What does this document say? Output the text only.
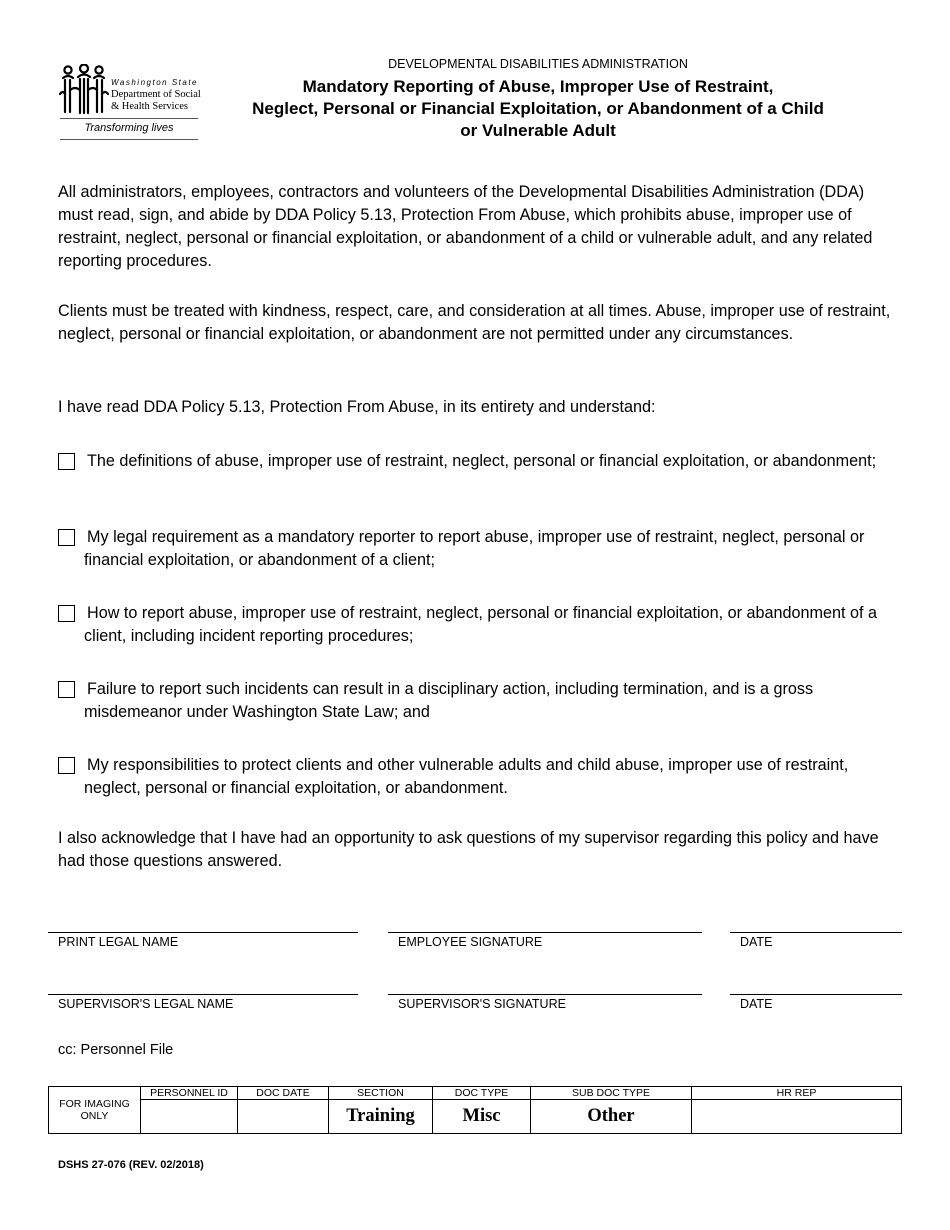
Washington State
Department of Social
& Health Services
Transforming lives
DEVELOPMENTAL DISABILITIES ADMINISTRATION
Mandatory Reporting of Abuse, Improper Use of Restraint,
Neglect, Personal or Financial Exploitation, or Abandonment of a Child
or Vulnerable Adult
All administrators, employees, contractors and volunteers of the Developmental Disabilities Administration (DDA) must read, sign, and abide by DDA Policy 5.13, Protection From Abuse, which prohibits abuse, improper use of restraint, neglect, personal or financial exploitation, or abandonment of a child or vulnerable adult, and any related reporting procedures.
Clients must be treated with kindness, respect, care, and consideration at all times. Abuse, improper use of restraint, neglect, personal or financial exploitation, or abandonment are not permitted under any circumstances.
I have read DDA Policy 5.13, Protection From Abuse, in its entirety and understand:
The definitions of abuse, improper use of restraint, neglect, personal or financial exploitation, or abandonment;
My legal requirement as a mandatory reporter to report abuse, improper use of restraint, neglect, personal or financial exploitation, or abandonment of a client;
How to report abuse, improper use of restraint, neglect, personal or financial exploitation, or abandonment of a client, including incident reporting procedures;
Failure to report such incidents can result in a disciplinary action, including termination, and is a gross misdemeanor under Washington State Law; and
My responsibilities to protect clients and other vulnerable adults and child abuse, improper use of restraint, neglect, personal or financial exploitation, or abandonment.
I also acknowledge that I have had an opportunity to ask questions of my supervisor regarding this policy and have had those questions answered.
PRINT LEGAL NAME	EMPLOYEE SIGNATURE	DATE
SUPERVISOR'S LEGAL NAME	SUPERVISOR'S SIGNATURE	DATE
cc: Personnel File
FOR IMAGING
ONLY	PERSONNEL ID	DOC DATE	SECTION	DOC TYPE	SUB DOC TYPE	HR REP
			Training	Misc	Other	
DSHS 27-076 (REV. 02/2018)
